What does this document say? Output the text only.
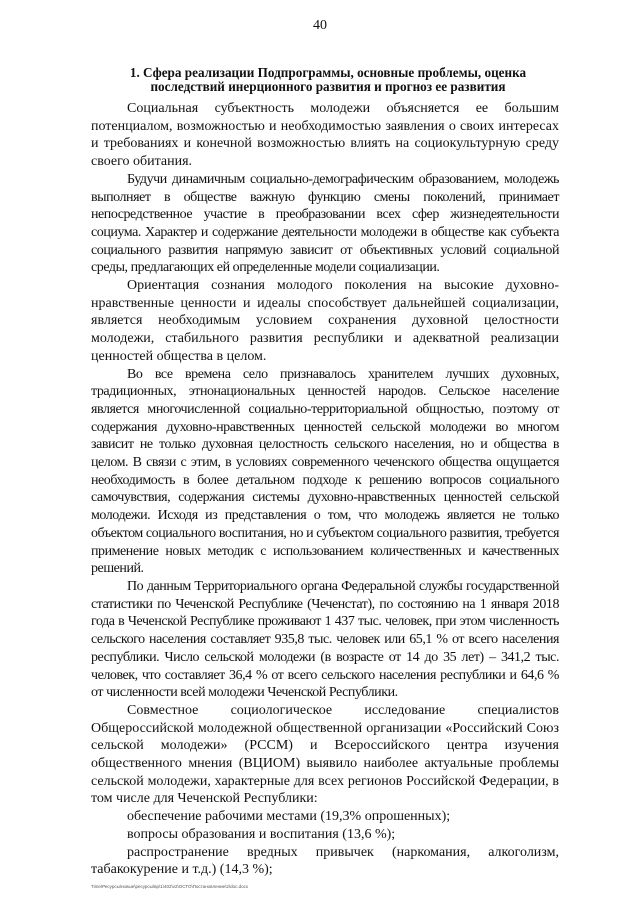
40
1. Сфера реализации Подпрограммы, основные проблемы, оценка последствий инерционного развития и прогноз ее развития

Социальная субъектность молодежи объясняется ее большим потенциалом, возможностью и необходимостью заявления о своих интересах и требованиях и конечной возможностью влиять на социокультурную среду своего обитания.

Будучи динамичным социально-демографическим образованием, молодежь выполняет в обществе важную функцию смены поколений, принимает непосредственное участие в преобразовании всех сфер жизнедеятельности социума. Характер и содержание деятельности молодежи в обществе как субъекта социального развития напрямую зависит от объективных условий социальной среды, предлагающих ей определенные модели социализации.

Ориентация сознания молодого поколения на высокие духовно-нравственные ценности и идеалы способствует дальнейшей социализации, является необходимым условием сохранения духовной целостности молодежи, стабильного развития республики и адекватной реализации ценностей общества в целом.

Во все времена село признавалось хранителем лучших духовных, традиционных, этнонациональных ценностей народов. Сельское население является многочисленной социально-территориальной общностью, поэтому от содержания духовно-нравственных ценностей сельской молодежи во многом зависит не только духовная целостность сельского населения, но и общества в целом. В связи с этим, в условиях современного чеченского общества ощущается необходимость в более детальном подходе к решению вопросов социального самочувствия, содержания системы духовно-нравственных ценностей сельской молодежи. Исходя из представления о том, что молодежь является не только объектом социального воспитания, но и субъектом социального развития, требуется применение новых методик с использованием количественных и качественных решений.

По данным Территориального органа Федеральной службы государственной статистики по Чеченской Республике (Чеченстат), по состоянию на 1 января 2018 года в Чеченской Республике проживают 1 437 тыс. человек, при этом численность сельского населения составляет 935,8 тыс. человек или 65,1 % от всего населения республики. Число сельской молодежи (в возрасте от 14 до 35 лет) – 341,2 тыс. человек, что составляет 36,4 % от всего сельского населения республики и 64,6 % от численности всей молодежи Чеченской Республики.

Совместное социологическое исследование специалистов Общероссийской молодежной общественной организации «Российский Союз сельской молодежи» (РССМ) и Всероссийского центра изучения общественного мнения (ВЦИОМ) выявило наиболее актуальные проблемы сельской молодежи, характерные для всех регионов Российской Федерации, в том числе для Чеченской Республики:

обеспечение рабочими местами (19,3% опрошенных);

вопросы образования и воспитания (13,6 %);

распространение вредных привычек (наркомания, алкоголизм, табакокурение и т.д.) (14,3 %);

Time\Ресурсы\новые\ресурсы\вр\1\402\v2\ОСТО\Постановление\2\doc.docx
